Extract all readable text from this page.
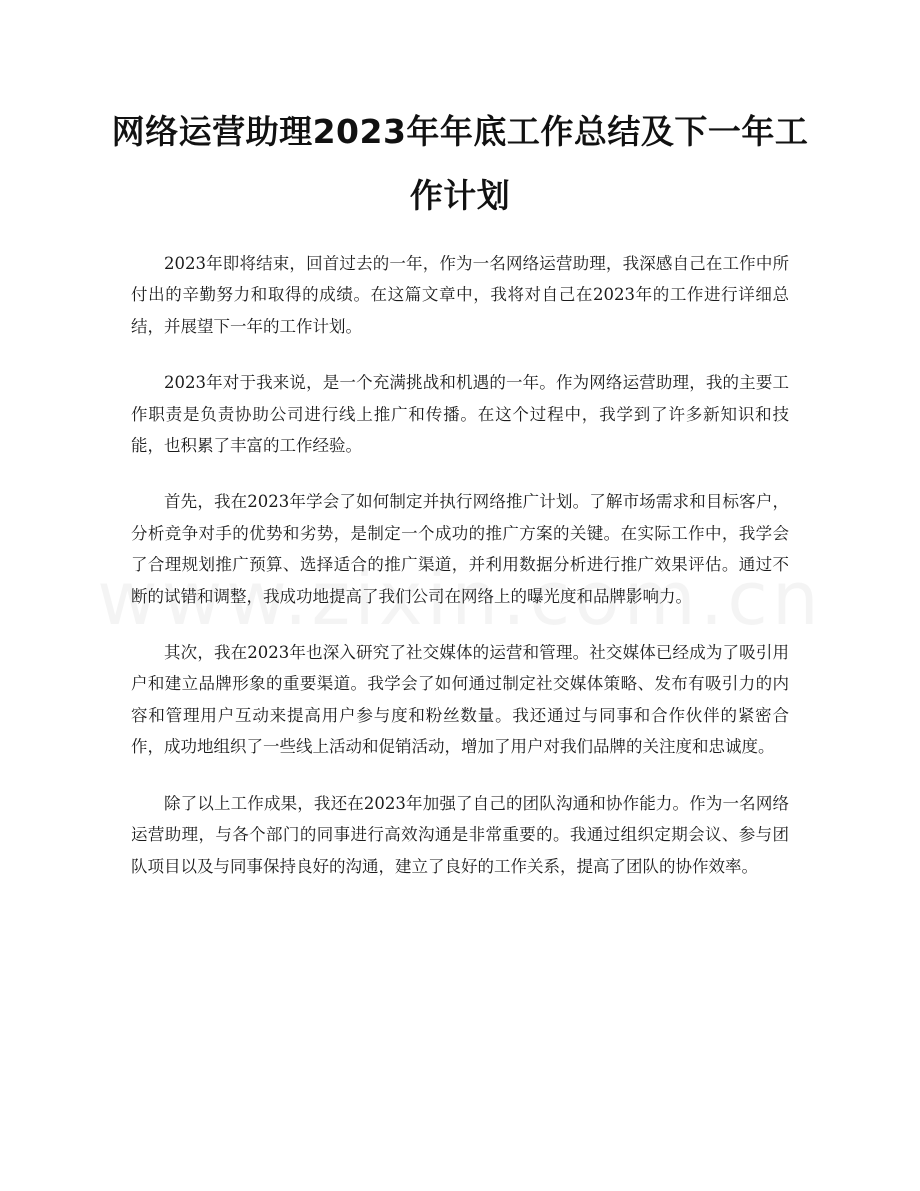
网络运营助理2023年年底工作总结及下一年工作计划

2023年即将结束，回首过去的一年，作为一名网络运营助理，我深感自己在工作中所付出的辛勤努力和取得的成绩。在这篇文章中，我将对自己在2023年的工作进行详细总结，并展望下一年的工作计划。

2023年对于我来说，是一个充满挑战和机遇的一年。作为网络运营助理，我的主要工作职责是负责协助公司进行线上推广和传播。在这个过程中，我学到了许多新知识和技能，也积累了丰富的工作经验。

首先，我在2023年学会了如何制定并执行网络推广计划。了解市场需求和目标客户，分析竞争对手的优势和劣势，是制定一个成功的推广方案的关键。在实际工作中，我学会了合理规划推广预算、选择适合的推广渠道，并利用数据分析进行推广效果评估。通过不断的试错和调整，我成功地提高了我们公司在网络上的曝光度和品牌影响力。

其次，我在2023年也深入研究了社交媒体的运营和管理。社交媒体已经成为了吸引用户和建立品牌形象的重要渠道。我学会了如何通过制定社交媒体策略、发布有吸引力的内容和管理用户互动来提高用户参与度和粉丝数量。我还通过与同事和合作伙伴的紧密合作，成功地组织了一些线上活动和促销活动，增加了用户对我们品牌的关注度和忠诚度。

除了以上工作成果，我还在2023年加强了自己的团队沟通和协作能力。作为一名网络运营助理，与各个部门的同事进行高效沟通是非常重要的。我通过组织定期会议、参与团队项目以及与同事保持良好的沟通，建立了良好的工作关系，提高了团队的协作效率。
